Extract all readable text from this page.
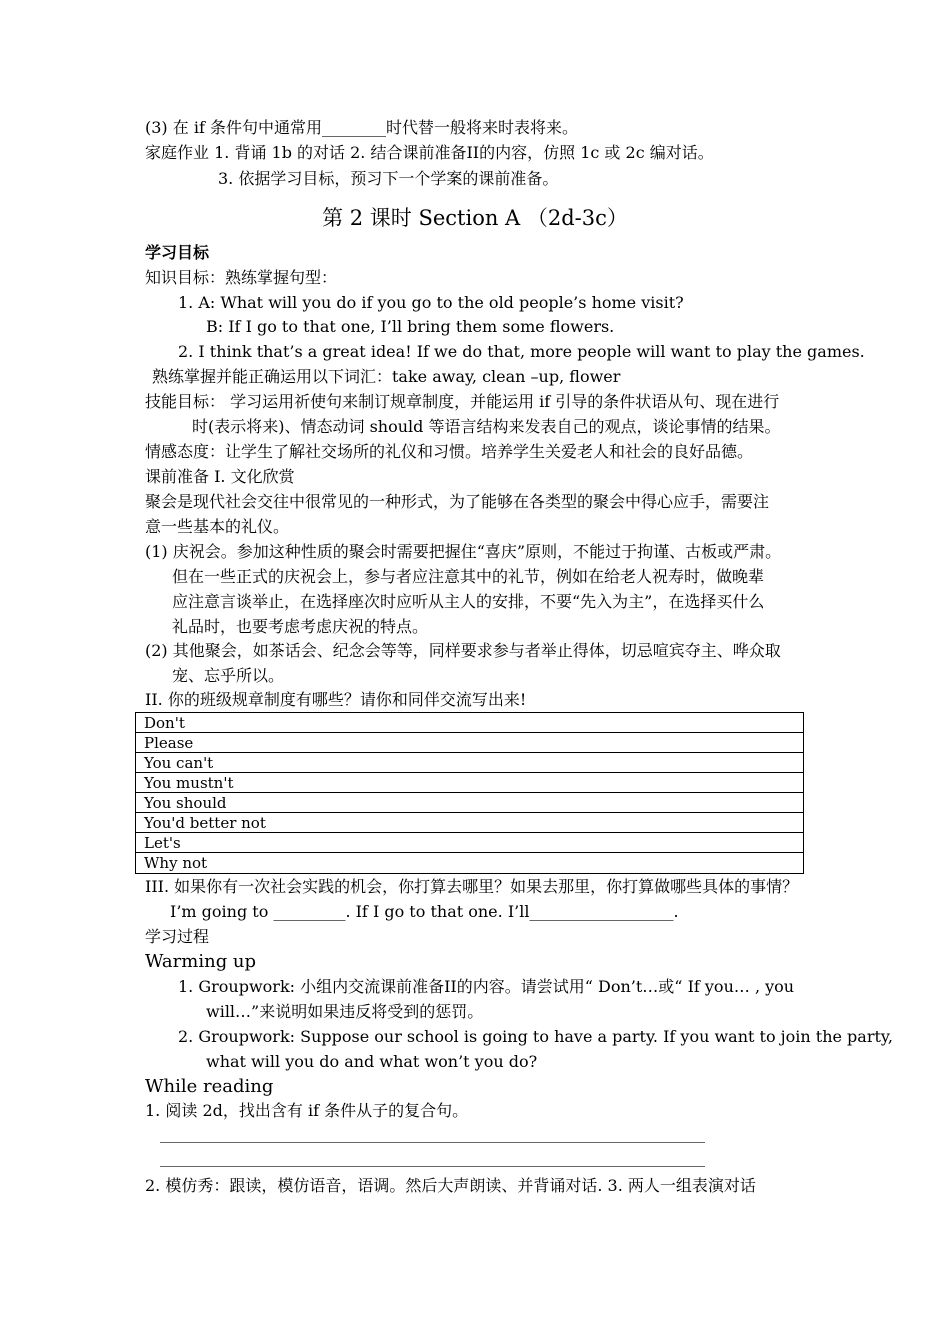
(3) 在 if 条件句中通常用________时代替一般将来时表将来。
家庭作业 1. 背诵 1b 的对话 2. 结合课前准备II的内容，仿照 1c 或 2c 编对话。
3. 依据学习目标，预习下一个学案的课前准备。
第 2 课时 Section A （2d-3c）
学习目标
知识目标：熟练掌握句型：
1. A: What will you do if you go to the old people’s home visit?
B: If I go to that one, I’ll bring them some flowers.
2. I think that’s a great idea! If we do that, more people will want to play the games.
熟练掌握并能正确运用以下词汇：take away, clean –up, flower
技能目标： 学习运用祈使句来制订规章制度，并能运用 if 引导的条件状语从句、现在进行
时(表示将来)、情态动词 should 等语言结构来发表自己的观点，谈论事情的结果。
情感态度：让学生了解社交场所的礼仪和习惯。培养学生关爱老人和社会的良好品德。
课前准备 I. 文化欣赏
聚会是现代社会交往中很常见的一种形式，为了能够在各类型的聚会中得心应手，需要注
意一些基本的礼仪。
(1) 庆祝会。参加这种性质的聚会时需要把握住“喜庆”原则，不能过于拘谨、古板或严肃。
但在一些正式的庆祝会上，参与者应注意其中的礼节，例如在给老人祝寿时，做晚辈
应注意言谈举止，在选择座次时应听从主人的安排，不要“先入为主”，在选择买什么
礼品时，也要考虑考虑庆祝的特点。
(2) 其他聚会，如茶话会、纪念会等等，同样要求参与者举止得体，切忌喧宾夺主、哗众取
宠、忘乎所以。
II. 你的班级规章制度有哪些？请你和同伴交流写出来!
Don't
Please
You can't
You mustn't
You should
You'd better not
Let's
Why not
III. 如果你有一次社会实践的机会，你打算去哪里？如果去那里，你打算做哪些具体的事情？
I’m going to _________. If I go to that one. I’ll__________________.
学习过程
Warming up
1. Groupwork: 小组内交流课前准备II的内容。请尝试用“ Don’t…或“ If you… , you
will…”来说明如果违反将受到的惩罚。
2. Groupwork: Suppose our school is going to have a party. If you want to join the party,
what will you do and what won’t you do?
While reading
1. 阅读 2d，找出含有 if 条件从子的复合句。
2. 模仿秀：跟读，模仿语音，语调。然后大声朗读、并背诵对话. 3. 两人一组表演对话
